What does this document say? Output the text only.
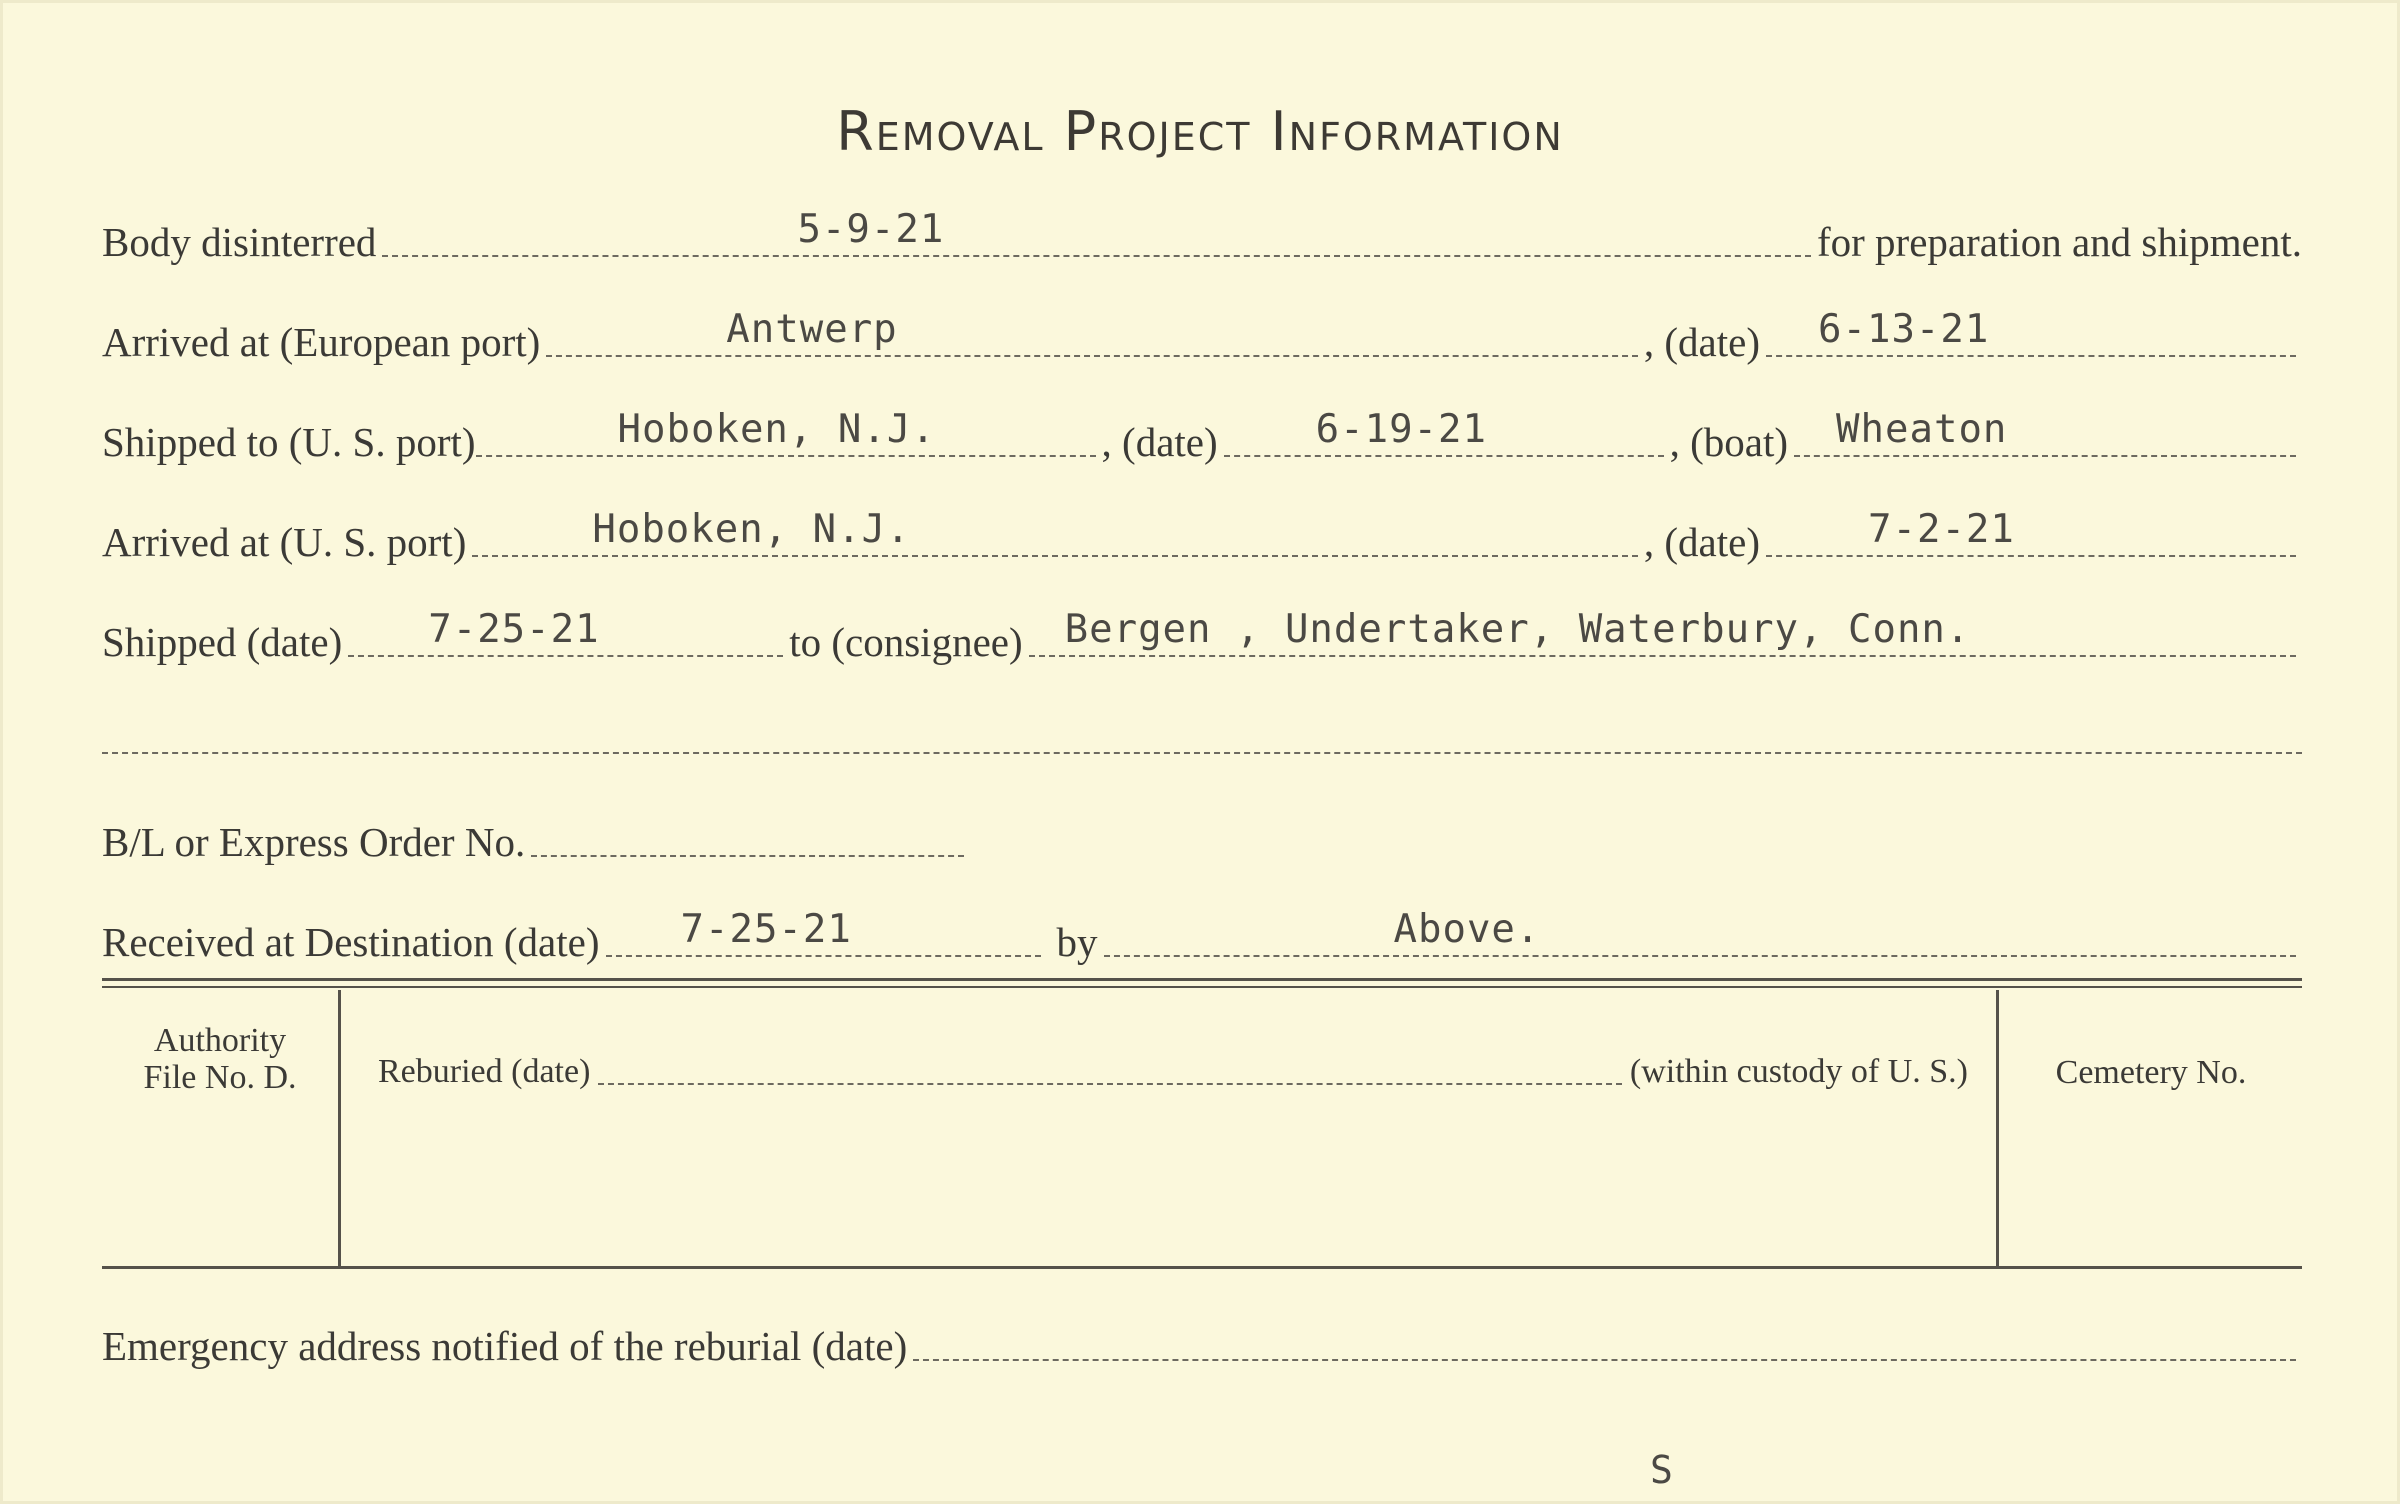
Removal Project Information
Body disinterred	5-9-21	for preparation and shipment.
Arrived at (European port)	Antwerp	, (date) 6-13-21
Shipped to (U. S. port)	Hoboken, N.J.	, (date)	6-19-21	, (boat) Wheaton
Arrived at (U. S. port)	Hoboken, N.J.	, (date)	7-2-21
Shipped (date) 7-25-21	to (consignee) Bergen , Undertaker, Waterbury, Conn.
B/L or Express Order No.
Received at Destination (date) 7-25-21	by	Above.
Authority
File No. D.	Reburied (date)	(within custody of U. S.)	Cemetery No.
Emergency address notified of the reburial (date)
S
